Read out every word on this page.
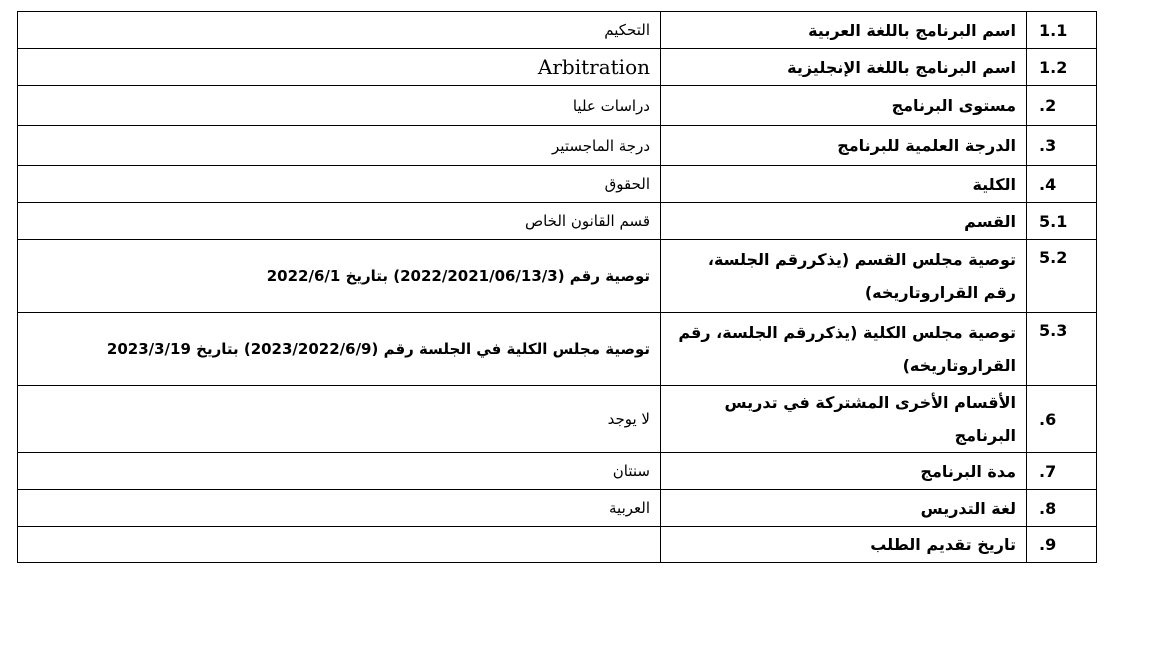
1.1	اسم البرنامج باللغة العربية	التحكيم
1.2	اسم البرنامج باللغة الإنجليزية	Arbitration
.2	مستوى البرنامج	دراسات عليا
.3	الدرجة العلمية للبرنامج	درجة الماجستير
.4	الكلية	الحقوق
5.1	القسم	قسم القانون الخاص
5.2	توصية مجلس القسم (يذكررقم الجلسة، رقم القراروتاريخه)	توصية رقم (2022/2021/06/13/3) بتاريخ 2022/6/1
5.3	توصية مجلس الكلية (يذكررقم الجلسة، رقم القراروتاريخه)	توصية مجلس الكلية في الجلسة رقم (2023/2022/6/9) بتاريخ 2023/3/19
.6	الأقسام الأخرى المشتركة في تدريس البرنامج	لا يوجد
.7	مدة البرنامج	سنتان
.8	لغة التدريس	العربية
.9	تاريخ تقديم الطلب	
